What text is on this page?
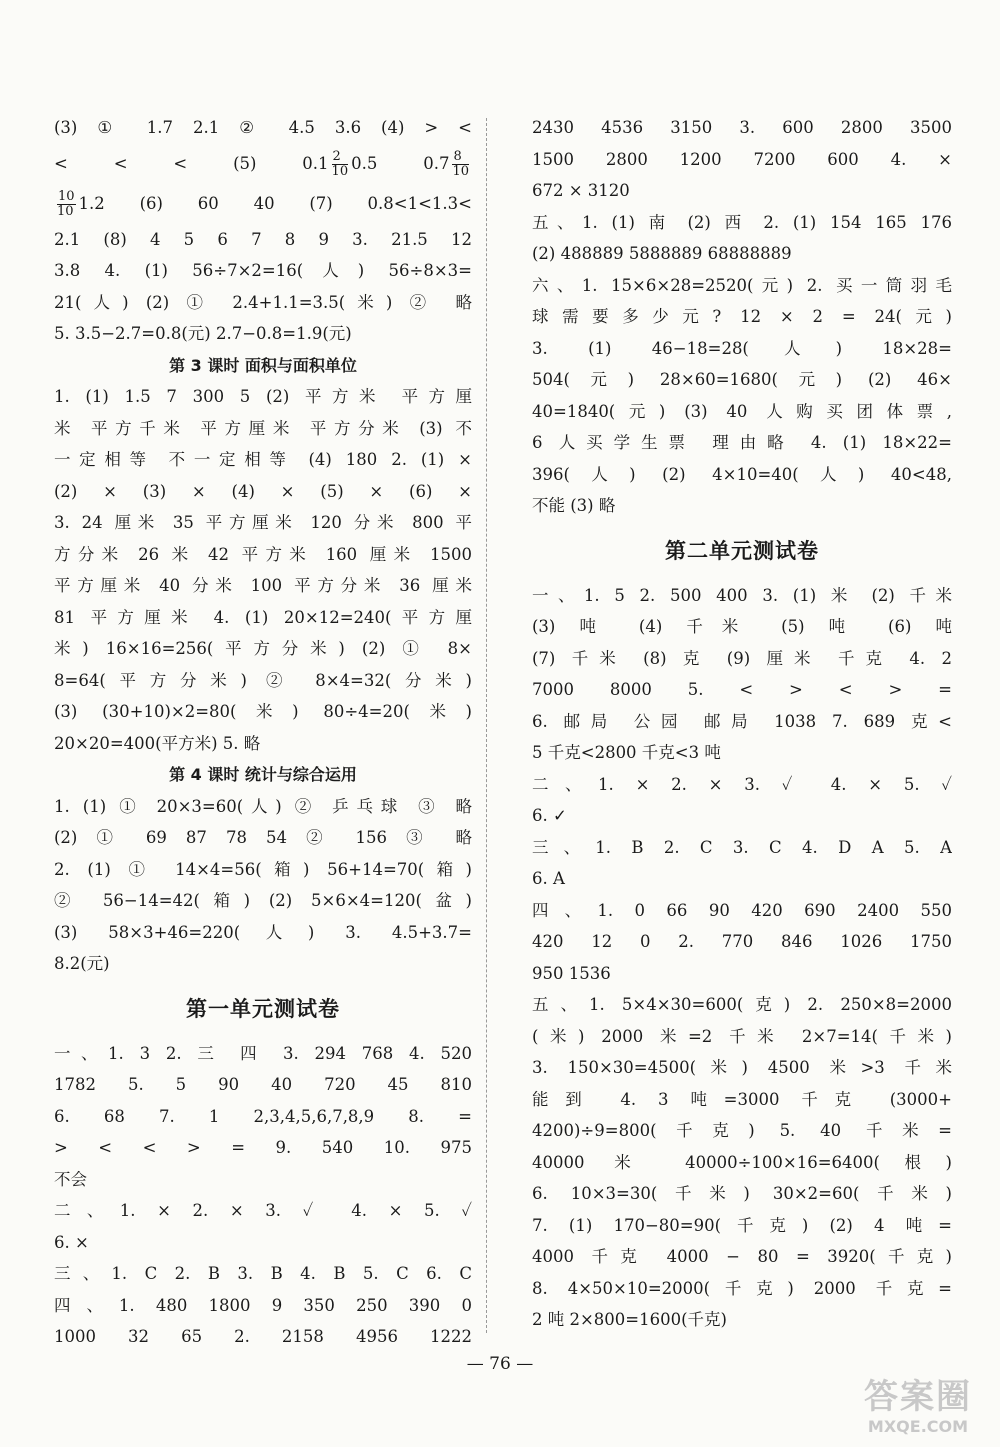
(3) ① 1.7 2.1 ② 4.5 3.6 (4) > <
< < < (5) $0.1 \frac{2}{10} 0.5$ $0.7 \frac{8}{10}$
$\frac{10}{10} 1.2$ (6) 60 40 (7) 0.8<1<1.3<
2.1 (8) 4 5 6 7 8 9 3. 21.5 12
3.8 4. (1) 56÷7×2=16(人) 56÷8×3=
21(人) (2) ① 2.4+1.1=3.5(米) ② 略
5. 3.5−2.7=0.8(元) 2.7−0.8=1.9(元)
第 3 课时 面积与面积单位
1. (1) 1.5 7 300 5 (2) 平方米 平方厘
米 平方千米 平方厘米 平方分米 (3) 不
一定相等 不一定相等 (4) 180 2. (1) ×
(2) × (3) × (4) × (5) × (6) ×
3. 24 厘米 35 平方厘米 120 分米 800 平
方分米 26 米 42 平方米 160 厘米 1500
平方厘米 40 分米 100 平方分米 36 厘米
81 平方厘米 4. (1) 20×12=240(平方厘
米) 16×16=256(平方分米) (2) ① 8×
8=64(平方分米) ② 8×4=32(分米)
(3) (30+10)×2=80(米) 80÷4=20(米)
20×20=400(平方米) 5. 略
第 4 课时 统计与综合运用
1. (1) ① 20×3=60(人) ② 乒乓球 ③ 略
(2) ① 69 87 78 54 ② 156 ③ 略
2. (1) ① 14×4=56(箱) 56+14=70(箱)
② 56−14=42(箱) (2) 5×6×4=120(盆)
(3) 58×3+46=220(人) 3. 4.5+3.7=
8.2(元)
第一单元测试卷
一、1. 3 2. 三 四 3. 294 768 4. 520
1782 5. 5 90 40 720 45 810
6. 68 7. 1 2,3,4,5,6,7,8,9 8. =
> < < > = 9. 540 10. 975
不会
二、1. × 2. × 3. ✓ 4. × 5. ✓
6. ×
三、1. C 2. B 3. B 4. B 5. C 6. C
四、1. 480 1800 9 350 250 390 0
1000 32 65 2. 2158 4956 1222
2430 4536 3150 3. 600 2800 3500
1500 2800 1200 7200 600 4. ×
672 × 3120
五、1. (1) 南 (2) 西 2. (1) 154 165 176
(2) 488889 5888889 68888889
六、1. 15×6×28=2520(元) 2. 买一筒羽毛
球需要多少元? 12 × 2 = 24(元)
3. (1) 46−18=28(人) 18×28=
504(元) 28×60=1680(元) (2) 46×
40=1840(元) (3) 40 人购买团体票,
6 人买学生票 理由略 4. (1) 18×22=
396(人) (2) 4×10=40(人) 40<48,
不能 (3) 略
第二单元测试卷
一、1. 5 2. 500 400 3. (1) 米 (2) 千米
(3) 吨 (4) 千米 (5) 吨 (6) 吨
(7) 千米 (8) 克 (9) 厘米 千克 4. 2
7000 8000 5. < > < > =
6. 邮局 公园 邮局 1038 7. 689 克<
5 千克<2800 千克<3 吨
二、1. × 2. × 3. ✓ 4. × 5. ✓
6. ✓
三、1. B 2. C 3. C 4. D A 5. A
6. A
四、1. 0 66 90 420 690 2400 550
420 12 0 2. 770 846 1026 1750
950 1536
五、1. 5×4×30=600(克) 2. 250×8=2000
(米) 2000 米=2 千米 2×7=14(千米)
3. 150×30=4500(米) 4500 米>3 千米
能到 4. 3 吨=3000 千克 (3000+
4200)÷9=800(千克) 5. 40 千米=
40000 米 40000÷100×16=6400(根)
6. 10×3=30(千米) 30×2=60(千米)
7. (1) 170−80=90(千克) (2) 4 吨=
4000 千克 4000 − 80 = 3920(千克)
8. 4×50×10=2000(千克) 2000 千克=
2 吨 2×800=1600(千克)
— 76 —
答案圈
MXQE.COM
